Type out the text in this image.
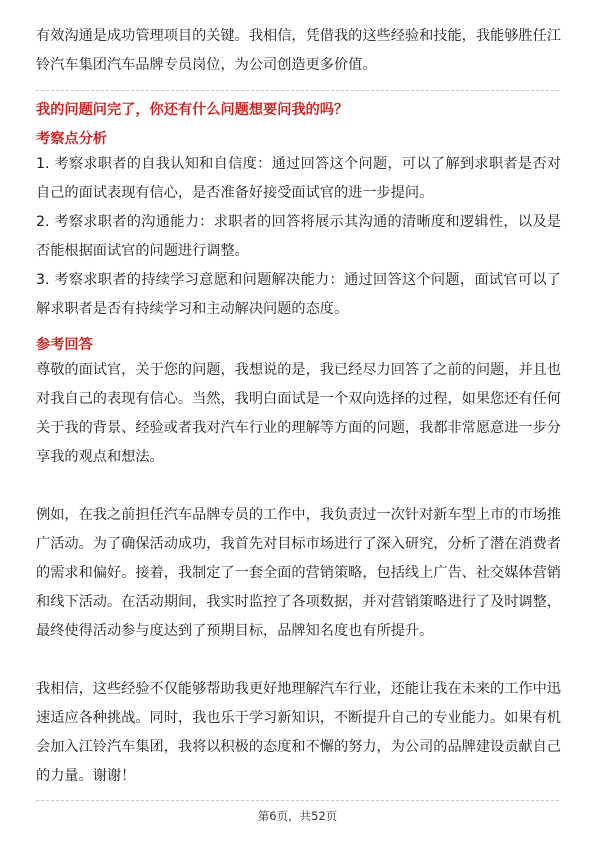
有效沟通是成功管理项目的关键。我相信，凭借我的这些经验和技能，我能够胜任江铃汽车集团汽车品牌专员岗位，为公司创造更多价值。

我的问题问完了，你还有什么问题想要问我的吗？

考察点分析

1. 考察求职者的自我认知和自信度：通过回答这个问题，可以了解到求职者是否对自己的面试表现有信心，是否准备好接受面试官的进一步提问。

2. 考察求职者的沟通能力：求职者的回答将展示其沟通的清晰度和逻辑性，以及是否能根据面试官的问题进行调整。

3. 考察求职者的持续学习意愿和问题解决能力：通过回答这个问题，面试官可以了解求职者是否有持续学习和主动解决问题的态度。

参考回答

尊敬的面试官，关于您的问题，我想说的是，我已经尽力回答了之前的问题，并且也对我自己的表现有信心。当然，我明白面试是一个双向选择的过程，如果您还有任何关于我的背景、经验或者我对汽车行业的理解等方面的问题，我都非常愿意进一步分享我的观点和想法。

例如，在我之前担任汽车品牌专员的工作中，我负责过一次针对新车型上市的市场推广活动。为了确保活动成功，我首先对目标市场进行了深入研究，分析了潜在消费者的需求和偏好。接着，我制定了一套全面的营销策略，包括线上广告、社交媒体营销和线下活动。在活动期间，我实时监控了各项数据，并对营销策略进行了及时调整，最终使得活动参与度达到了预期目标，品牌知名度也有所提升。

我相信，这些经验不仅能够帮助我更好地理解汽车行业，还能让我在未来的工作中迅速适应各种挑战。同时，我也乐于学习新知识，不断提升自己的专业能力。如果有机会加入江铃汽车集团，我将以积极的态度和不懈的努力，为公司的品牌建设贡献自己的力量。谢谢！

第6页，共52页
